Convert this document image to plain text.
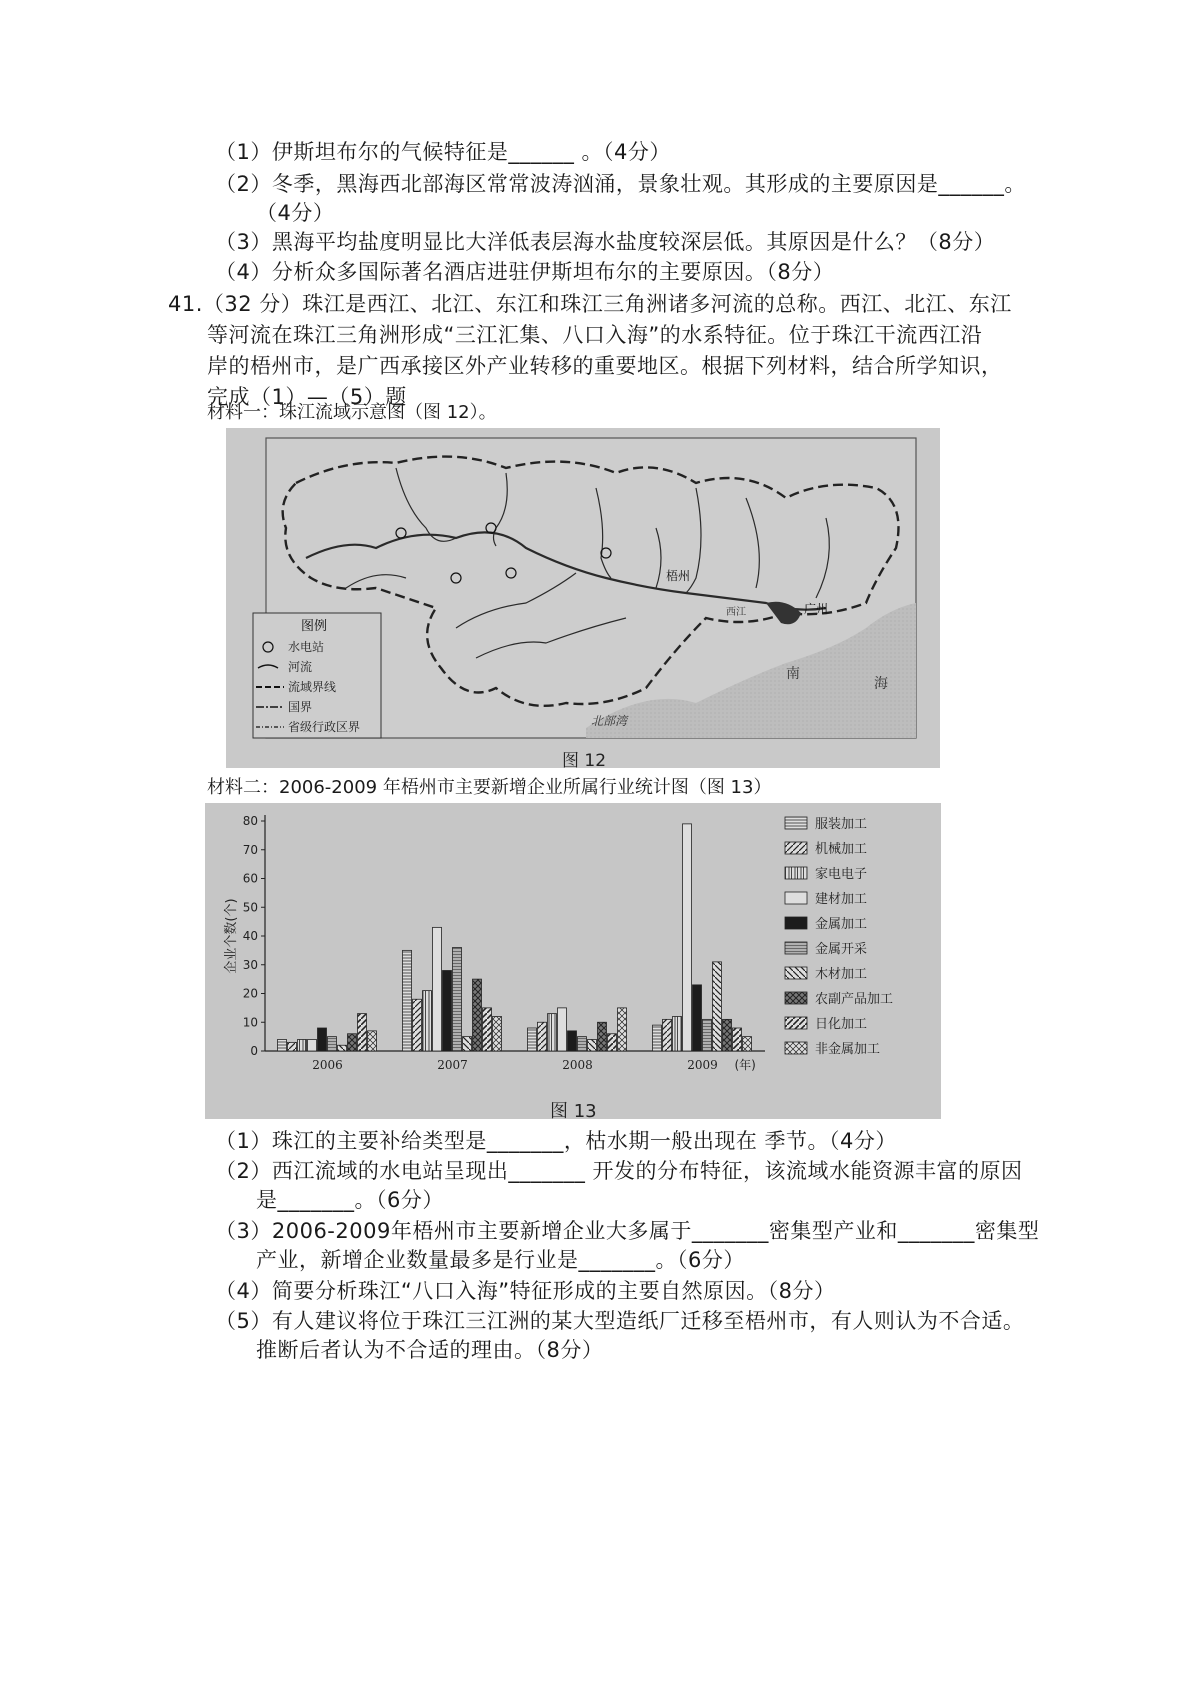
（1）伊斯坦布尔的气候特征是______ 。（4分）
（2）冬季，黑海西北部海区常常波涛汹涌，景象壮观。其形成的主要原因是______。
（4分）
（3）黑海平均盐度明显比大洋低表层海水盐度较深层低。其原因是什么？（8分）
（4）分析众多国际著名酒店进驻伊斯坦布尔的主要原因。（8分）
41.（32 分）珠江是西江、北江、东江和珠江三角洲诸多河流的总称。西江、北江、东江
等河流在珠江三角洲形成“三江汇集、八口入海”的水系特征。位于珠江干流西江沿
岸的梧州市，是广西承接区外产业转移的重要地区。根据下列材料，结合所学知识，
完成（1）—（5）题
材料一：珠江流域示意图（图 12）。
梧州
广州
西江
南
海
北部湾
图例
水电站
河流
流域界线
国界
省级行政区界
图 12
材料二：2006-2009 年梧州市主要新增企业所属行业统计图（图 13）
0
10
20
30
40
50
60
70
80
企业个数(个)
2006	2007	2008	2009 (年)
服装加工
机械加工
家电电子
建材加工
金属加工
金属开采
木材加工
农副产品加工
日化加工
非金属加工
图 13
（1）珠江的主要补给类型是_______，枯水期一般出现在 季节。（4分）
（2）西江流域的水电站呈现出_______ 开发的分布特征，该流域水能资源丰富的原因
是_______。（6分）
（3）2006-2009年梧州市主要新增企业大多属于_______密集型产业和_______密集型
产业，新增企业数量最多是行业是_______。（6分）
（4）简要分析珠江“八口入海”特征形成的主要自然原因。（8分）
（5）有人建议将位于珠江三江洲的某大型造纸厂迁移至梧州市，有人则认为不合适。
推断后者认为不合适的理由。（8分）
